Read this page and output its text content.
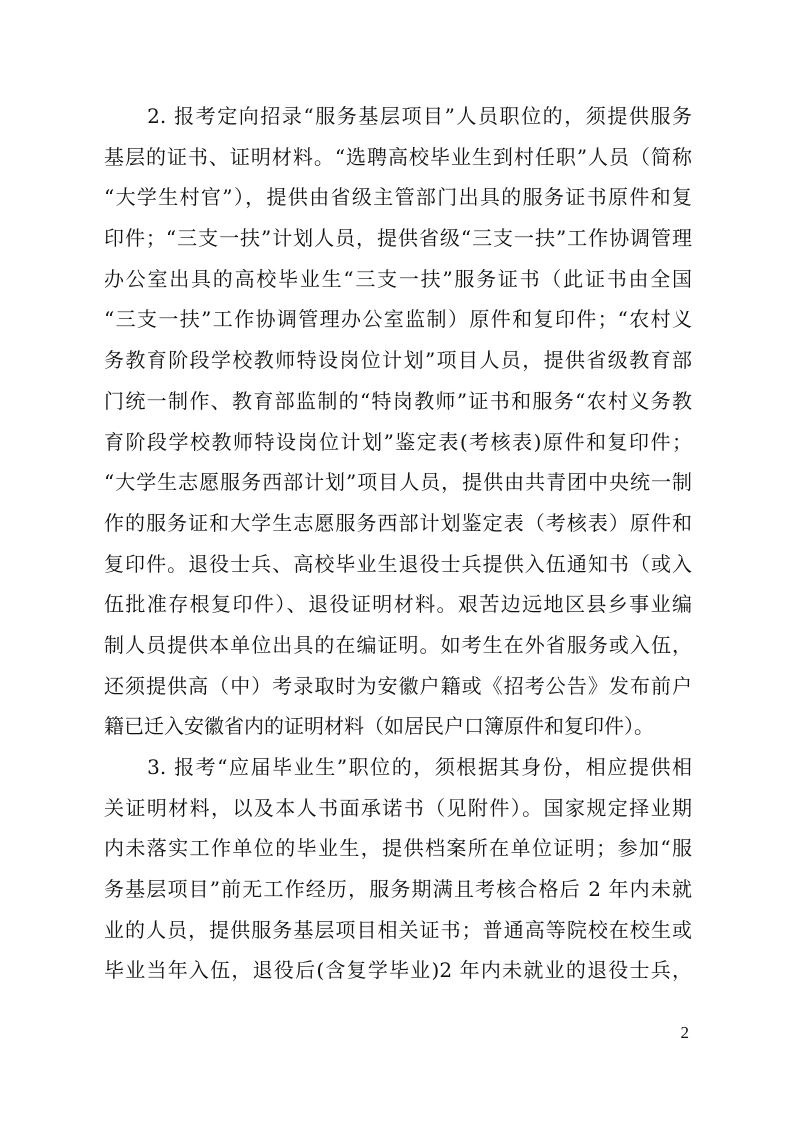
　　2. 报考定向招录“服务基层项目”人员职位的，须提供服务
基层的证书、证明材料。“选聘高校毕业生到村任职”人员（简称
“大学生村官”），提供由省级主管部门出具的服务证书原件和复
印件；“三支一扶”计划人员，提供省级“三支一扶”工作协调管理
办公室出具的高校毕业生“三支一扶”服务证书（此证书由全国
“三支一扶”工作协调管理办公室监制）原件和复印件；“农村义
务教育阶段学校教师特设岗位计划”项目人员，提供省级教育部
门统一制作、教育部监制的“特岗教师”证书和服务“农村义务教
育阶段学校教师特设岗位计划”鉴定表(考核表)原件和复印件；
“大学生志愿服务西部计划”项目人员，提供由共青团中央统一制
作的服务证和大学生志愿服务西部计划鉴定表（考核表）原件和
复印件。退役士兵、高校毕业生退役士兵提供入伍通知书（或入
伍批准存根复印件）、退役证明材料。艰苦边远地区县乡事业编
制人员提供本单位出具的在编证明。如考生在外省服务或入伍，
还须提供高（中）考录取时为安徽户籍或《招考公告》发布前户
籍已迁入安徽省内的证明材料（如居民户口簿原件和复印件）。
　　3. 报考“应届毕业生”职位的，须根据其身份，相应提供相
关证明材料，以及本人书面承诺书（见附件）。国家规定择业期
内未落实工作单位的毕业生，提供档案所在单位证明；参加“服
务基层项目”前无工作经历，服务期满且考核合格后 2 年内未就
业的人员，提供服务基层项目相关证书；普通高等院校在校生或
毕业当年入伍，退役后(含复学毕业)2 年内未就业的退役士兵，
2
